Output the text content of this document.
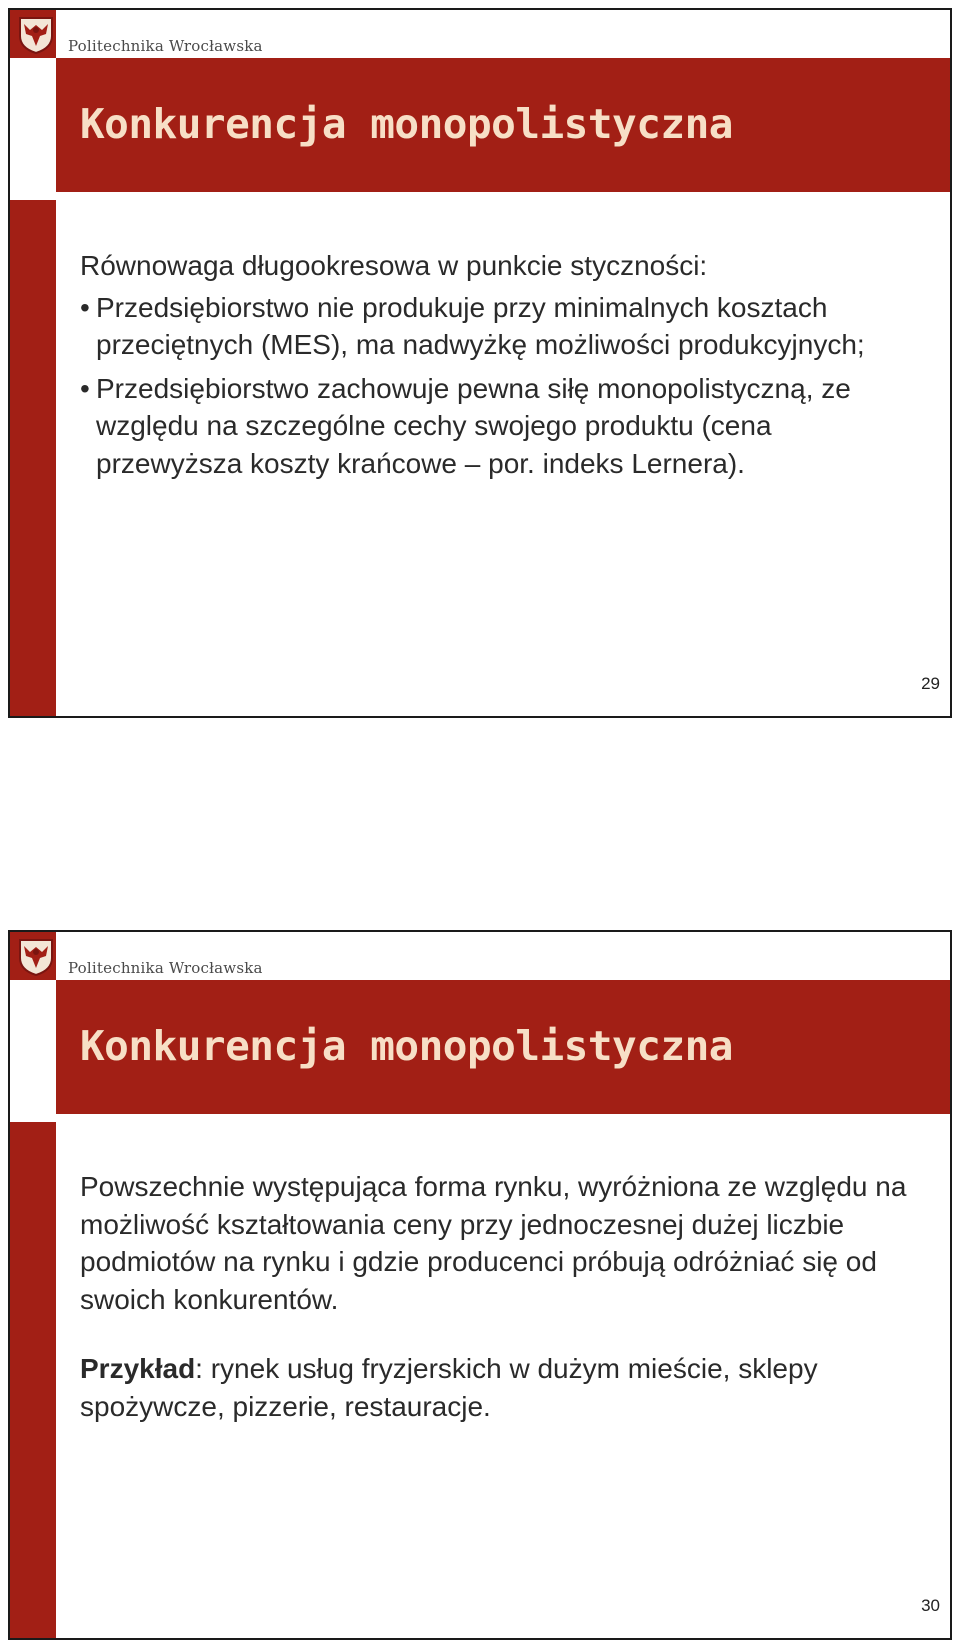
Politechnika Wrocławska
Konkurencja monopolistyczna

Równowaga długookresowa w punkcie styczności:

• Przedsiębiorstwo nie produkuje przy minimalnych kosztach przeciętnych (MES), ma nadwyżkę możliwości produkcyjnych;
• Przedsiębiorstwo zachowuje pewna siłę monopolistyczną, ze względu na szczególne cechy swojego produktu (cena przewyższa koszty krańcowe – por. indeks Lernera).
29
Politechnika Wrocławska
Konkurencja monopolistyczna

Powszechnie występująca forma rynku, wyróżniona ze względu na możliwość kształtowania ceny przy jednoczesnej dużej liczbie podmiotów na rynku i gdzie producenci próbują odróżniać się od swoich konkurentów.

Przykład: rynek usług fryzjerskich w dużym mieście, sklepy spożywcze, pizzerie, restauracje.

30
